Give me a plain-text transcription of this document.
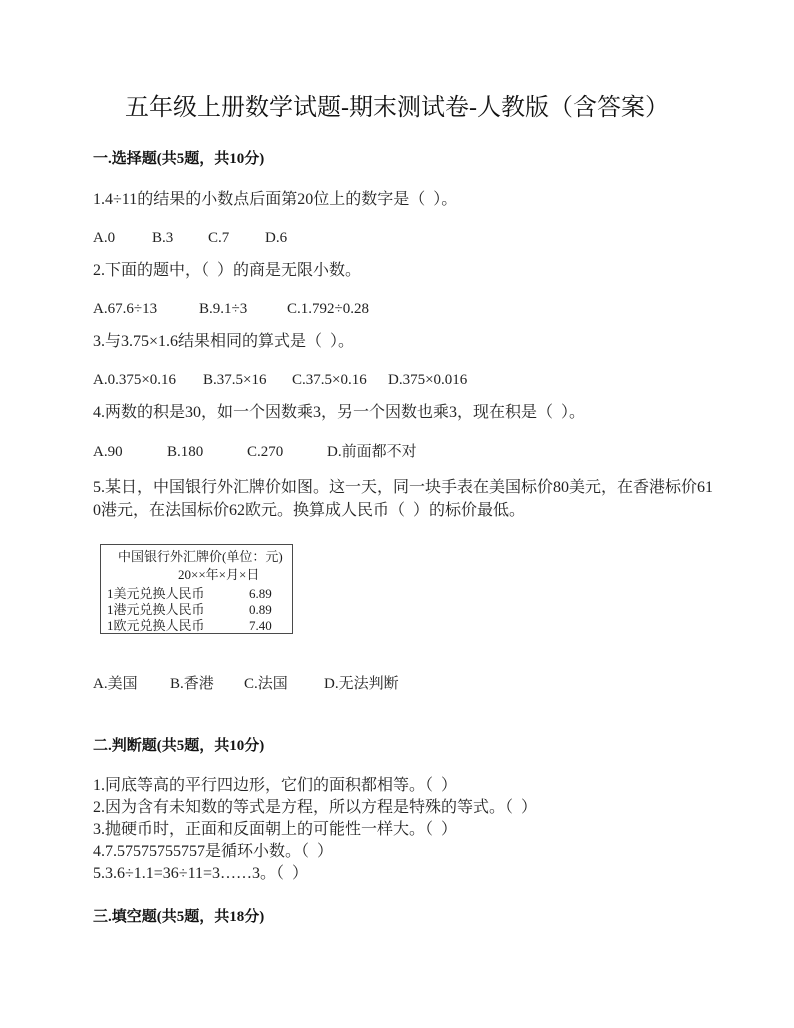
五年级上册数学试题-期末测试卷-人教版（含答案）
一.选择题(共5题，共10分)
1.4÷11的结果的小数点后面第20位上的数字是（  ）。
A.0 B.3 C.7 D.6
2.下面的题中，（  ）的商是无限小数。
A.67.6÷13	B.9.1÷3	C.1.792÷0.28
3.与3.75×1.6结果相同的算式是（  ）。
A.0.375×0.16 B.37.5×16 C.37.5×0.16 D.375×0.016
4.两数的积是30，如一个因数乘3，另一个因数也乘3，现在积是（  ）。
A.90	B.180	C.270	D.前面都不对
5.某日，中国银行外汇牌价如图。这一天，同一块手表在美国标价80美元，在香港标价61
0港元，在法国标价62欧元。换算成人民币（  ）的标价最低。
中国银行外汇牌价(单位：元)
20××年×月×日
1美元兑换人民币	6.89
1港元兑换人民币	0.89
1欧元兑换人民币	7.40
A.美国 B.香港 C.法国 D.无法判断
二.判断题(共5题，共10分)
1.同底等高的平行四边形，它们的面积都相等。（  ）
2.因为含有未知数的等式是方程，所以方程是特殊的等式。（  ）
3.抛硬币时，正面和反面朝上的可能性一样大。（  ）
4.7.57575755757是循环小数。（  ）
5.3.6÷1.1=36÷11=3……3。（  ）
三.填空题(共5题，共18分)
